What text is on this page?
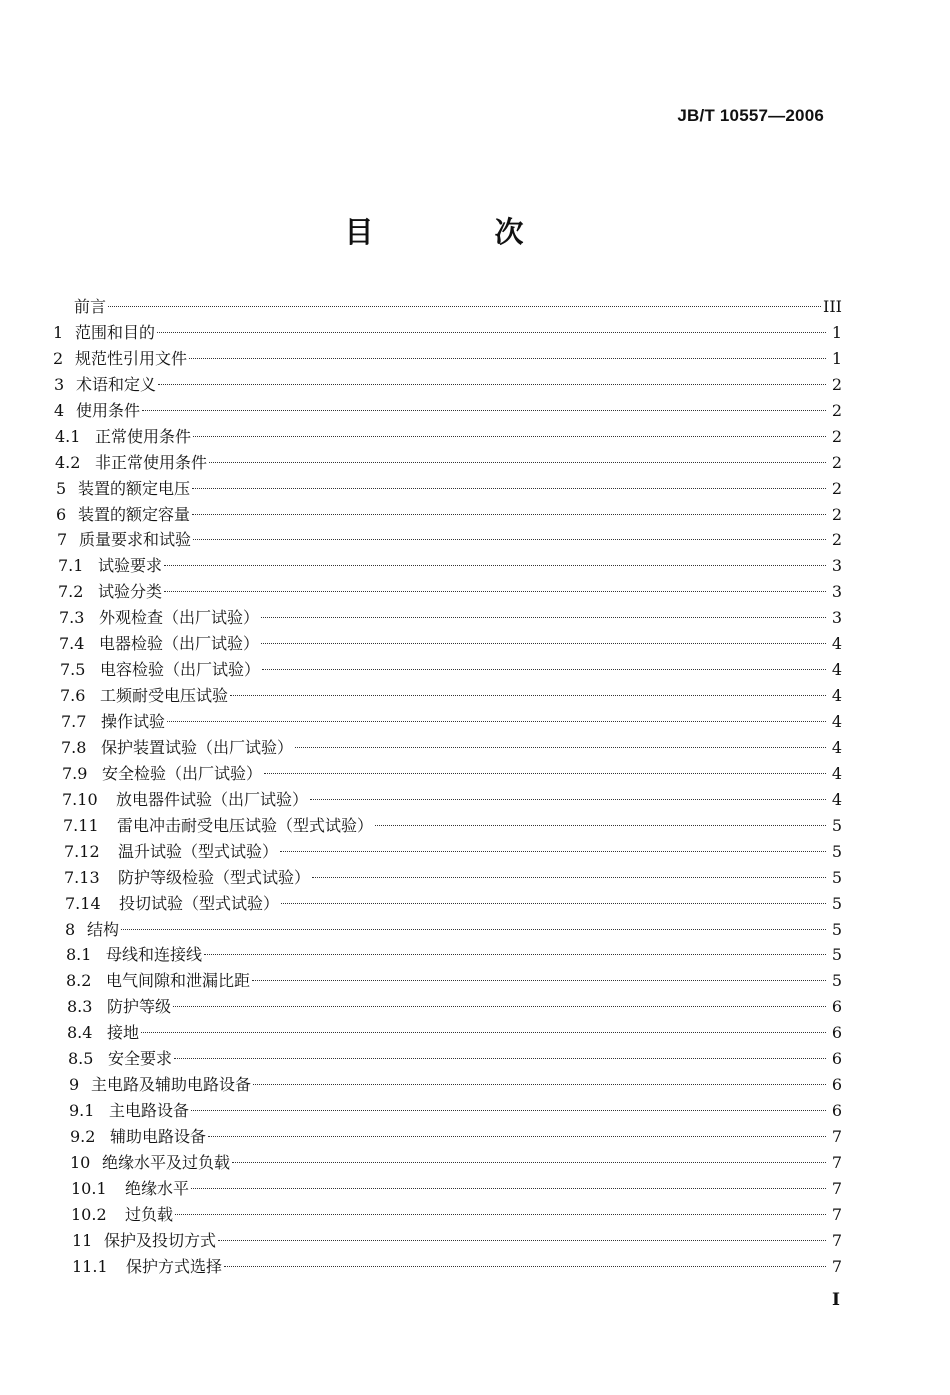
JB/T 10557—2006
目　次
前言	III
1 范围和目的	1
2 规范性引用文件	1
3 术语和定义	2
4 使用条件	2
4.1 正常使用条件	2
4.2 非正常使用条件	2
5 装置的额定电压	2
6 装置的额定容量	2
7 质量要求和试验	2
7.1 试验要求	3
7.2 试验分类	3
7.3 外观检查（出厂试验）	3
7.4 电器检验（出厂试验）	4
7.5 电容检验（出厂试验）	4
7.6 工频耐受电压试验	4
7.7 操作试验	4
7.8 保护装置试验（出厂试验）	4
7.9 安全检验（出厂试验）	4
7.10	放电器件试验（出厂试验）	4
7.11	雷电冲击耐受电压试验（型式试验）	5
7.12	温升试验（型式试验）	5
7.13	防护等级检验（型式试验）	5
7.14	投切试验（型式试验）	5
8 结构	5
8.1 母线和连接线	5
8.2 电气间隙和泄漏比距	5
8.3 防护等级	6
8.4 接地	6
8.5 安全要求	6
9 主电路及辅助电路设备	6
9.1 主电路设备	6
9.2 辅助电路设备	7
10 绝缘水平及过负载	7
10.1	绝缘水平	7
10.2	过负载	7
11 保护及投切方式	7
11.1	保护方式选择	7
I
